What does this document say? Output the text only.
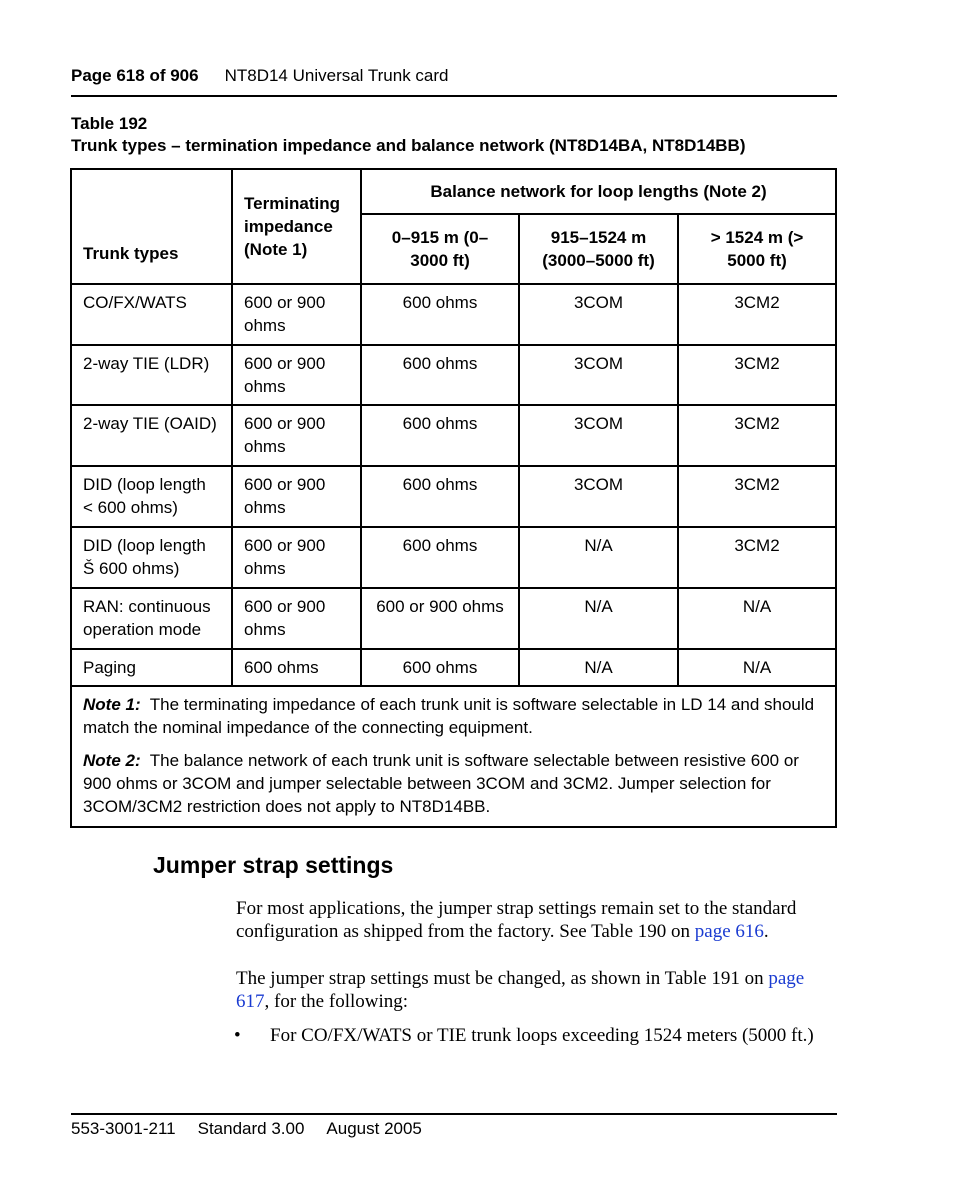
Page 618 of 906 NT8D14 Universal Trunk card
Table 192
Trunk types – termination impedance and balance network (NT8D14BA, NT8D14BB)
Trunk types	Terminating impedance (Note 1)	Balance network for loop lengths (Note 2)		
		0–915 m (0–3000 ft)	915–1524 m (3000–5000 ft)	> 1524 m (> 5000 ft)
CO/FX/WATS	600 or 900 ohms	600 ohms	3COM	3CM2
2-way TIE (LDR)	600 or 900 ohms	600 ohms	3COM	3CM2
2-way TIE (OAID)	600 or 900 ohms	600 ohms	3COM	3CM2
DID (loop length < 600 ohms)	600 or 900 ohms	600 ohms	3COM	3CM2
DID (loop length Š 600 ohms)	600 or 900 ohms	600 ohms	N/A	3CM2
RAN: continuous operation mode	600 or 900 ohms	600 or 900 ohms	N/A	N/A
Paging	600 ohms	600 ohms	N/A	N/A

Note 1: The terminating impedance of each trunk unit is software selectable in LD 14 and should match the nominal impedance of the connecting equipment.

Note 2: The balance network of each trunk unit is software selectable between resistive 600 or 900 ohms or 3COM and jumper selectable between 3COM and 3CM2. Jumper selection for 3COM/3CM2 restriction does not apply to NT8D14BB.				

Jumper strap settings

For most applications, the jumper strap settings remain set to the standard configuration as shipped from the factory. See Table 190 on page 616.

The jumper strap settings must be changed, as shown in Table 191 on page 617, for the following:

• For CO/FX/WATS or TIE trunk loops exceeding 1524 meters (5000 ft.)
553-3001-211 Standard 3.00 August 2005
